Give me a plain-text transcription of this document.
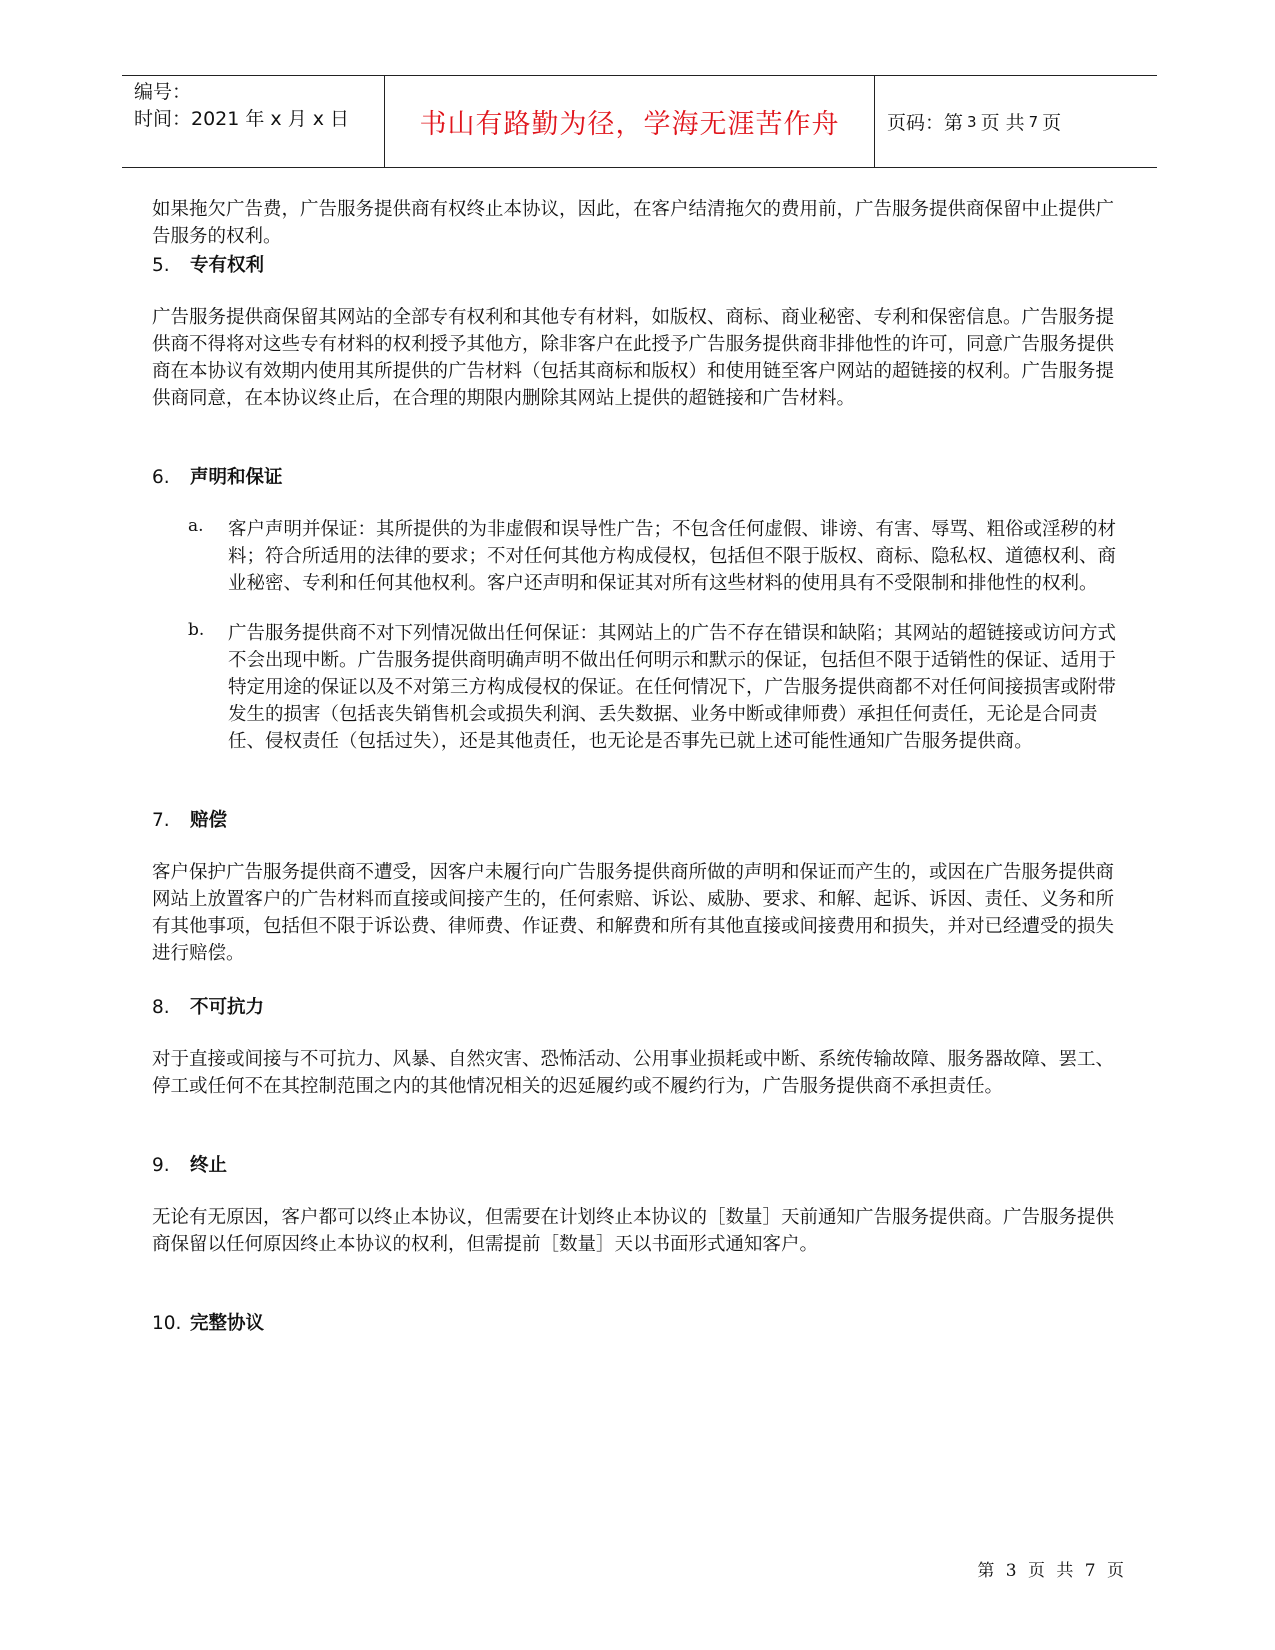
编号：
时间：2021 年 x 月 x 日	书山有路勤为径，学海无涯苦作舟	页码：第 3 页 共 7 页

如果拖欠广告费，广告服务提供商有权终止本协议，因此，在客户结清拖欠的费用前，广告服务提供商保留中止提供广告服务的权利。

5. 专有权利

广告服务提供商保留其网站的全部专有权利和其他专有材料，如版权、商标、商业秘密、专利和保密信息。广告服务提供商不得将对这些专有材料的权利授予其他方，除非客户在此授予广告服务提供商非排他性的许可，同意广告服务提供商在本协议有效期内使用其所提供的广告材料（包括其商标和版权）和使用链至客户网站的超链接的权利。广告服务提供商同意，在本协议终止后，在合理的期限内删除其网站上提供的超链接和广告材料。

6. 声明和保证
a.	客户声明并保证：其所提供的为非虚假和误导性广告；不包含任何虚假、诽谤、有害、辱骂、粗俗或淫秽的材料；符合所适用的法律的要求；不对任何其他方构成侵权，包括但不限于版权、商标、隐私权、道德权利、商业秘密、专利和任何其他权利。客户还声明和保证其对所有这些材料的使用具有不受限制和排他性的权利。

b.	广告服务提供商不对下列情况做出任何保证：其网站上的广告不存在错误和缺陷；其网站的超链接或访问方式不会出现中断。广告服务提供商明确声明不做出任何明示和默示的保证，包括但不限于适销性的保证、适用于特定用途的保证以及不对第三方构成侵权的保证。在任何情况下，广告服务提供商都不对任何间接损害或附带发生的损害（包括丧失销售机会或损失利润、丢失数据、业务中断或律师费）承担任何责任，无论是合同责任、侵权责任（包括过失），还是其他责任，也无论是否事先已就上述可能性通知广告服务提供商。

7. 赔偿

客户保护广告服务提供商不遭受，因客户未履行向广告服务提供商所做的声明和保证而产生的，或因在广告服务提供商网站上放置客户的广告材料而直接或间接产生的，任何索赔、诉讼、威胁、要求、和解、起诉、诉因、责任、义务和所有其他事项，包括但不限于诉讼费、律师费、作证费、和解费和所有其他直接或间接费用和损失，并对已经遭受的损失进行赔偿。

8. 不可抗力

对于直接或间接与不可抗力、风暴、自然灾害、恐怖活动、公用事业损耗或中断、系统传输故障、服务器故障、罢工、停工或任何不在其控制范围之内的其他情况相关的迟延履约或不履约行为，广告服务提供商不承担责任。

9. 终止

无论有无原因，客户都可以终止本协议，但需要在计划终止本协议的［数量］天前通知广告服务提供商。广告服务提供商保留以任何原因终止本协议的权利，但需提前［数量］天以书面形式通知客户。

10. 完整协议
第 3 页 共 7 页
